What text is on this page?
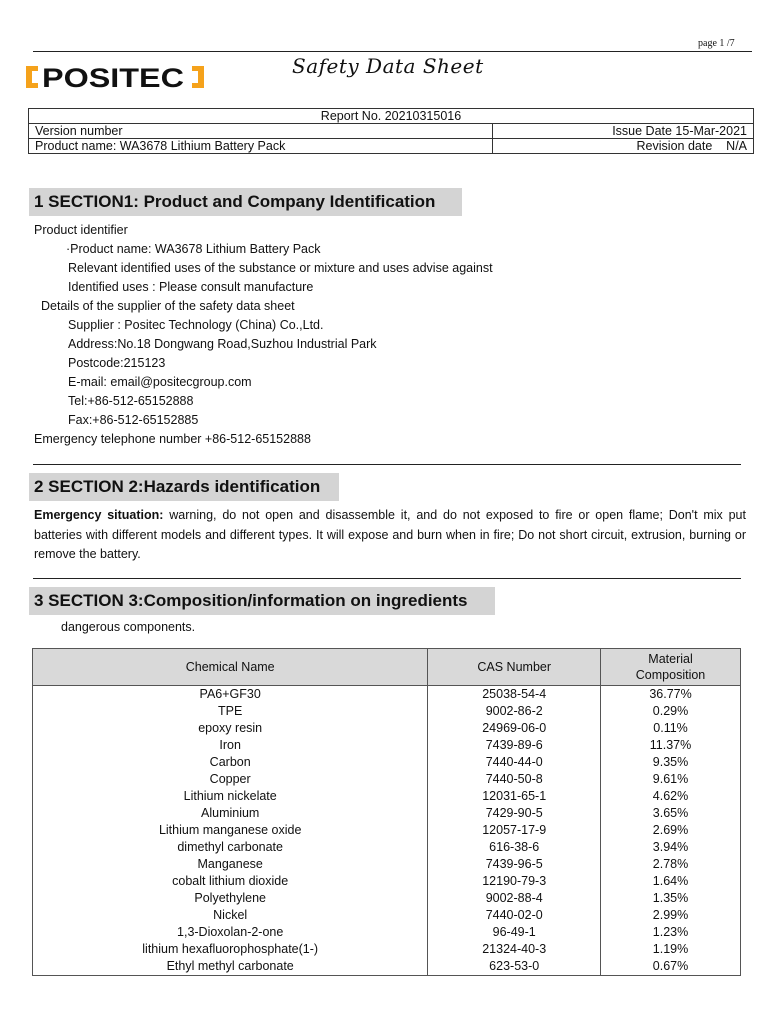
page 1 /7
POSITEC	Safety Data Sheet
Report No. 20210315016	
Version number	Issue Date 15-Mar-2021
Product name: WA3678 Lithium Battery Pack	Revision date    N/A
1 SECTION1: Product and Company Identification
Product identifier
·Product name: WA3678 Lithium Battery Pack
Relevant identified uses of the substance or mixture and uses advise against
Identified uses : Please consult manufacture
Details of the supplier of the safety data sheet
Supplier : Positec Technology (China) Co.,Ltd.
Address:No.18 Dongwang Road,Suzhou Industrial Park
Postcode:215123
E-mail: email@positecgroup.com
Tel:+86-512-65152888
Fax:+86-512-65152885
Emergency telephone number +86-512-65152888
2 SECTION 2:Hazards identification
Emergency situation: warning, do not open and disassemble it, and do not exposed to fire or open flame; Don't mix put batteries with different models and different types. It will expose and burn when in fire; Do not short circuit, extrusion, burning or remove the battery.
3 SECTION 3:Composition/information on ingredients
dangerous components.
Chemical Name	CAS Number	Material Composition
PA6+GF30	25038-54-4	36.77%
TPE	9002-86-2	0.29%
epoxy resin	24969-06-0	0.11%
Iron	7439-89-6	11.37%
Carbon	7440-44-0	9.35%
Copper	7440-50-8	9.61%
Lithium nickelate	12031-65-1	4.62%
Aluminium	7429-90-5	3.65%
Lithium manganese oxide	12057-17-9	2.69%
dimethyl carbonate	616-38-6	3.94%
Manganese	7439-96-5	2.78%
cobalt lithium dioxide	12190-79-3	1.64%
Polyethylene	9002-88-4	1.35%
Nickel	7440-02-0	2.99%
1,3-Dioxolan-2-one	96-49-1	1.23%
lithium hexafluorophosphate(1-)	21324-40-3	1.19%
Ethyl methyl carbonate	623-53-0	0.67%
